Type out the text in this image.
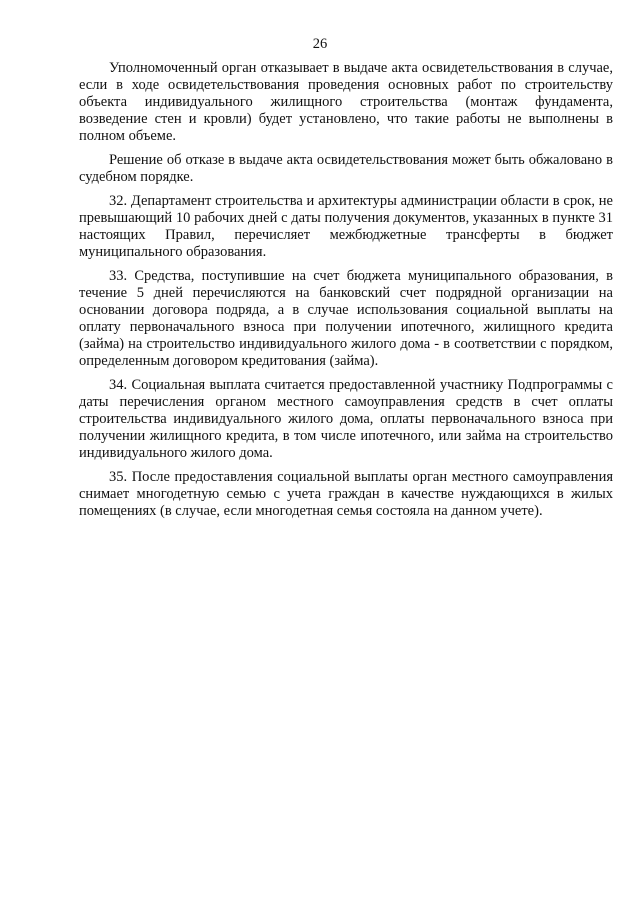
26

Уполномоченный орган отказывает в выдаче акта освидетельствования в случае, если в ходе освидетельствования проведения основных работ по строительству объекта индивидуального жилищного строительства (монтаж фундамента, возведение стен и кровли) будет установлено, что такие работы не выполнены в полном объеме.

Решение об отказе в выдаче акта освидетельствования может быть обжаловано в судебном порядке.

32. Департамент строительства и архитектуры администрации области в срок, не превышающий 10 рабочих дней с даты получения документов, указанных в пункте 31 настоящих Правил, перечисляет межбюджетные трансферты в бюджет муниципального образования.

33. Средства, поступившие на счет бюджета муниципального образования, в течение 5 дней перечисляются на банковский счет подрядной организации на основании договора подряда, а в случае использования социальной выплаты на оплату первоначального взноса при получении ипотечного, жилищного кредита (займа) на строительство индивидуального жилого дома - в соответствии с порядком, определенным договором кредитования (займа).

34. Социальная выплата считается предоставленной участнику Подпрограммы с даты перечисления органом местного самоуправления средств в счет оплаты строительства индивидуального жилого дома, оплаты первоначального взноса при получении жилищного кредита, в том числе ипотечного, или займа на строительство индивидуального жилого дома.

35. После предоставления социальной выплаты орган местного самоуправления снимает многодетную семью с учета граждан в качестве нуждающихся в жилых помещениях (в случае, если многодетная семья состояла на данном учете).
